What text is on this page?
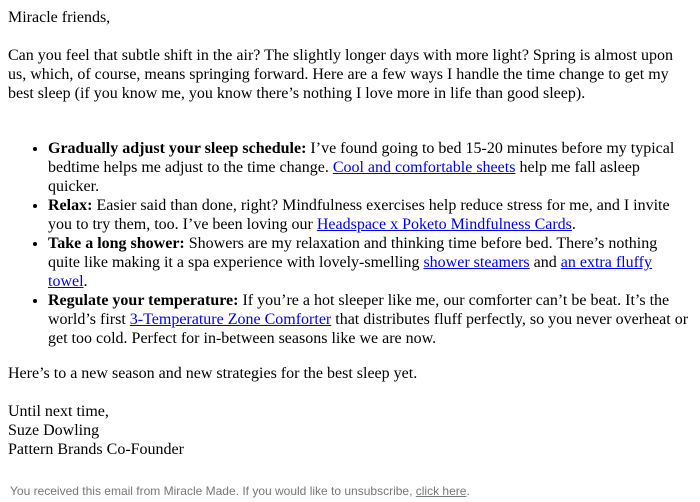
Miracle friends,

Can you feel that subtle shift in the air? The slightly longer days with more light? Spring is almost upon us, which, of course, means springing forward. Here are a few ways I handle the time change to get my best sleep (if you know me, you know there’s nothing I love more in life than good sleep).

• Gradually adjust your sleep schedule: I’ve found going to bed 15-20 minutes before my typical bedtime helps me adjust to the time change. Cool and comfortable sheets help me fall asleep quicker.
• Relax: Easier said than done, right? Mindfulness exercises help reduce stress for me, and I invite you to try them, too. I’ve been loving our Headspace x Poketo Mindfulness Cards.
• Take a long shower: Showers are my relaxation and thinking time before bed. There’s nothing quite like making it a spa experience with lovely-smelling shower steamers and an extra fluffy towel.
• Regulate your temperature: If you’re a hot sleeper like me, our comforter can’t be beat. It’s the world’s first 3-Temperature Zone Comforter that distributes fluff perfectly, so you never overheat or get too cold. Perfect for in-between seasons like we are now.

Here’s to a new season and new strategies for the best sleep yet.

Until next time,

Suze Dowling

Pattern Brands Co-Founder

You received this email from Miracle Made. If you would like to unsubscribe, click here.
